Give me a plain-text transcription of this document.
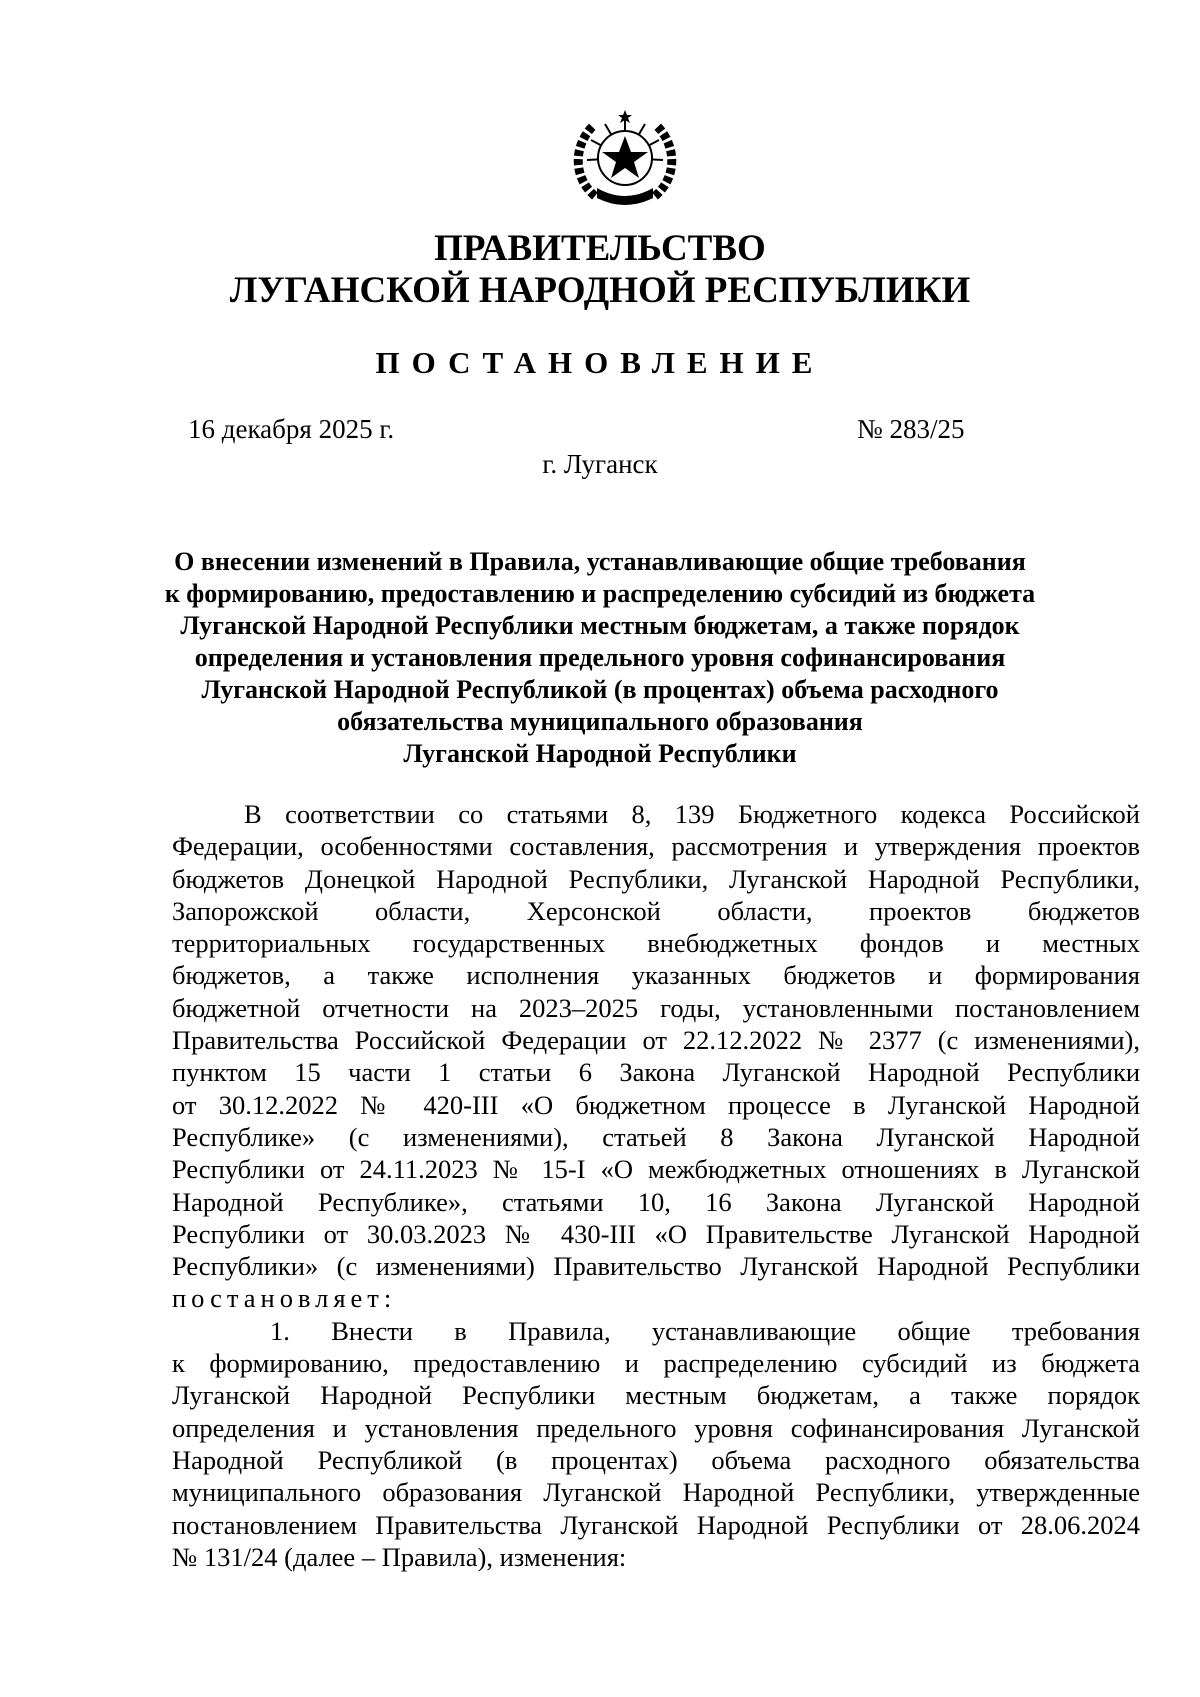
ПРАВИТЕЛЬСТВО
ЛУГАНСКОЙ НАРОДНОЙ РЕСПУБЛИКИ
ПОСТАНОВЛЕНИЕ
16 декабря 2025 г.	№ 283/25
г. Луганск
О внесении изменений в Правила, устанавливающие общие требования
к формированию, предоставлению и распределению субсидий из бюджета
Луганской Народной Республики местным бюджетам, а также порядок
определения и установления предельного уровня софинансирования
Луганской Народной Республикой (в процентах) объема расходного
обязательства муниципального образования
Луганской Народной Республики
В соответствии со статьями 8, 139 Бюджетного кодекса Российской
Федерации, особенностями составления, рассмотрения и утверждения проектов
бюджетов Донецкой Народной Республики, Луганской Народной Республики,
Запорожской области, Херсонской области, проектов бюджетов
территориальных государственных внебюджетных фондов и местных
бюджетов, а также исполнения указанных бюджетов и формирования
бюджетной отчетности на 2023–2025 годы, установленными постановлением
Правительства Российской Федерации от 22.12.2022 № 2377 (с изменениями),
пунктом 15 части 1 статьи 6 Закона Луганской Народной Республики
от 30.12.2022 № 420-III «О бюджетном процессе в Луганской Народной
Республике» (с изменениями), статьей 8 Закона Луганской Народной
Республики от 24.11.2023 № 15-I «О межбюджетных отношениях в Луганской
Народной Республике», статьями 10, 16 Закона Луганской Народной
Республики от 30.03.2023 № 430-III «О Правительстве Луганской Народной
Республики» (с изменениями) Правительство Луганской Народной Республики
постановляет:
1. Внести в Правила, устанавливающие общие требования
к формированию, предоставлению и распределению субсидий из бюджета
Луганской Народной Республики местным бюджетам, а также порядок
определения и установления предельного уровня софинансирования Луганской
Народной Республикой (в процентах) объема расходного обязательства
муниципального образования Луганской Народной Республики, утвержденные
постановлением Правительства Луганской Народной Республики от 28.06.2024
№ 131/24 (далее – Правила), изменения:
